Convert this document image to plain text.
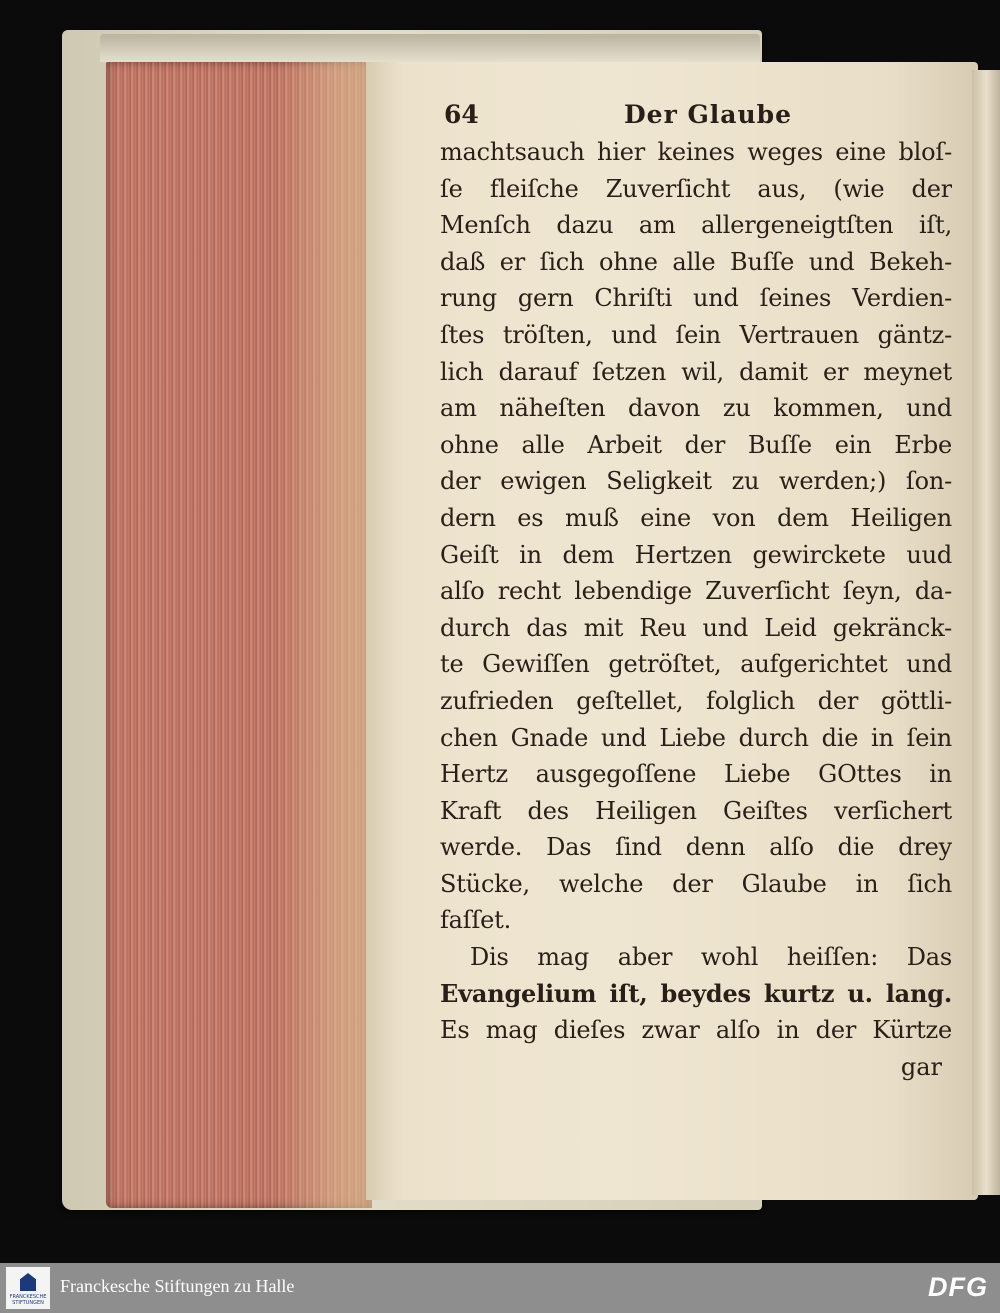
64	Der Glaube
machtsauch hier keines weges eine bloſ-
ſe fleiſche Zuverſicht aus, (wie der
Menſch dazu am allergeneigtſten iſt,
daß er ſich ohne alle Buſſe und Bekeh-
rung gern Chriſti und ſeines Verdien-
ſtes tröſten, und ſein Vertrauen gäntz-
lich darauf ſetzen wil, damit er meynet
am näheſten davon zu kommen, und
ohne alle Arbeit der Buſſe ein Erbe
der ewigen Seligkeit zu werden;) ſon-
dern es muß eine von dem Heiligen
Geiſt in dem Hertzen gewirckete uud
alſo recht lebendige Zuverſicht ſeyn, da-
durch das mit Reu und Leid gekränck-
te Gewiſſen getröſtet, aufgerichtet und
zufrieden geſtellet, folglich der göttli-
chen Gnade und Liebe durch die in ſein
Hertz ausgegoſſene Liebe GOttes in
Kraft des Heiligen Geiſtes verſichert
werde. Das ſind denn alſo die drey
Stücke, welche der Glaube in ſich
faſſet.
Dis mag aber wohl heiſſen: Das
Evangelium iſt, beydes kurtz u. lang.
Es mag dieſes zwar alſo in der Kürtze
gar
FRANCKESCHE STIFTUNGEN
Franckesche Stiftungen zu Halle	DFG
